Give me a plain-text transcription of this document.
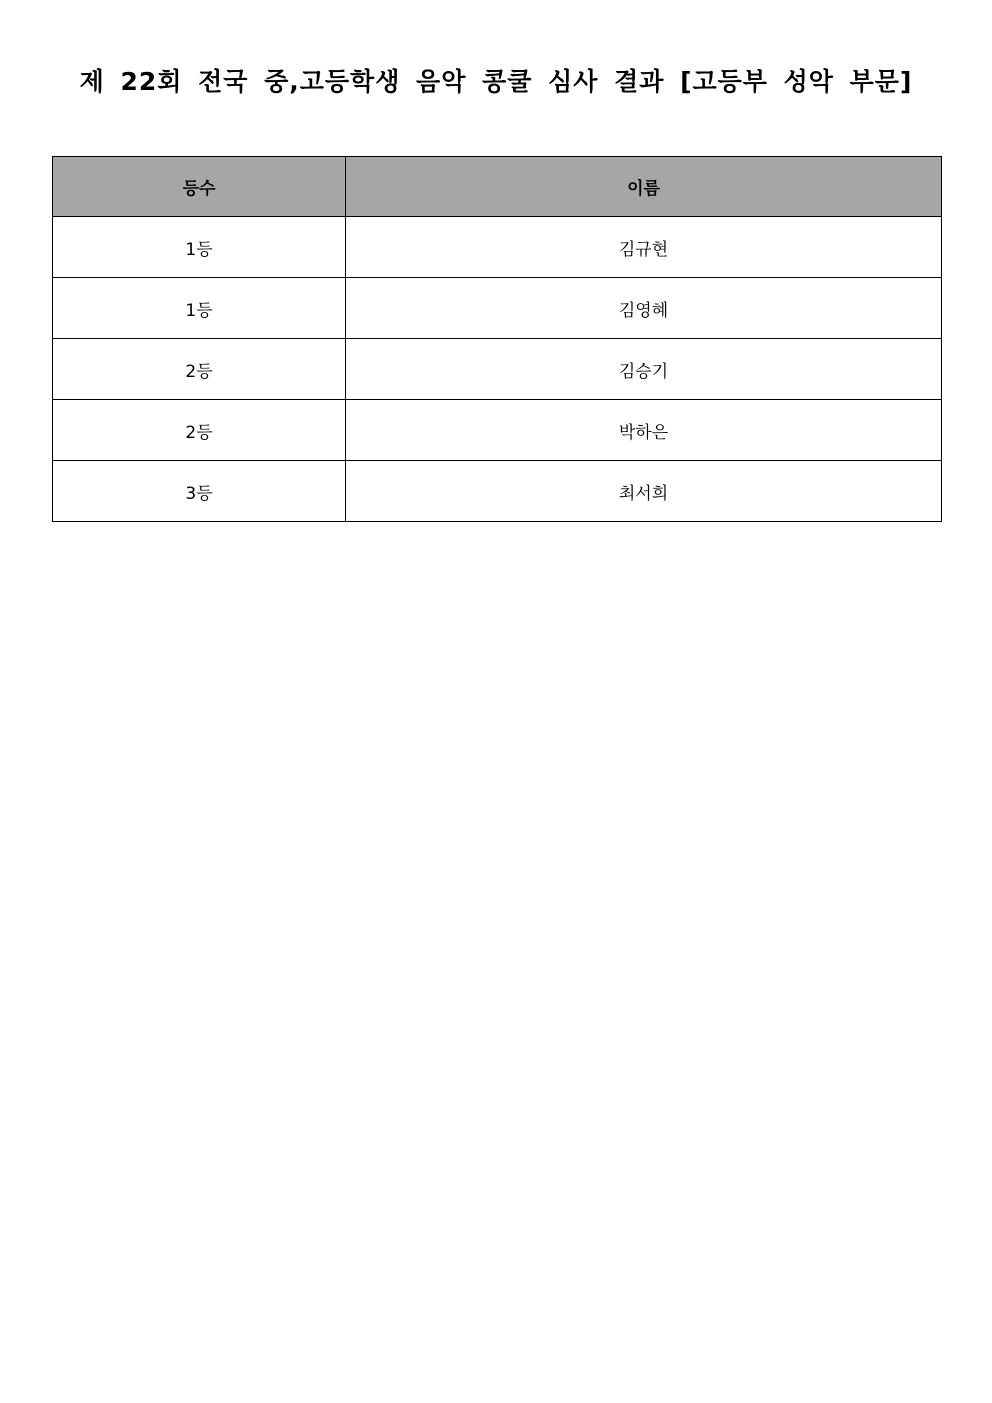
제 22회 전국 중,고등학생 음악 콩쿨 심사 결과 [고등부 성악 부문]
등수	이름
1등	김규현
1등	김영혜
2등	김승기
2등	박하은
3등	최서희
